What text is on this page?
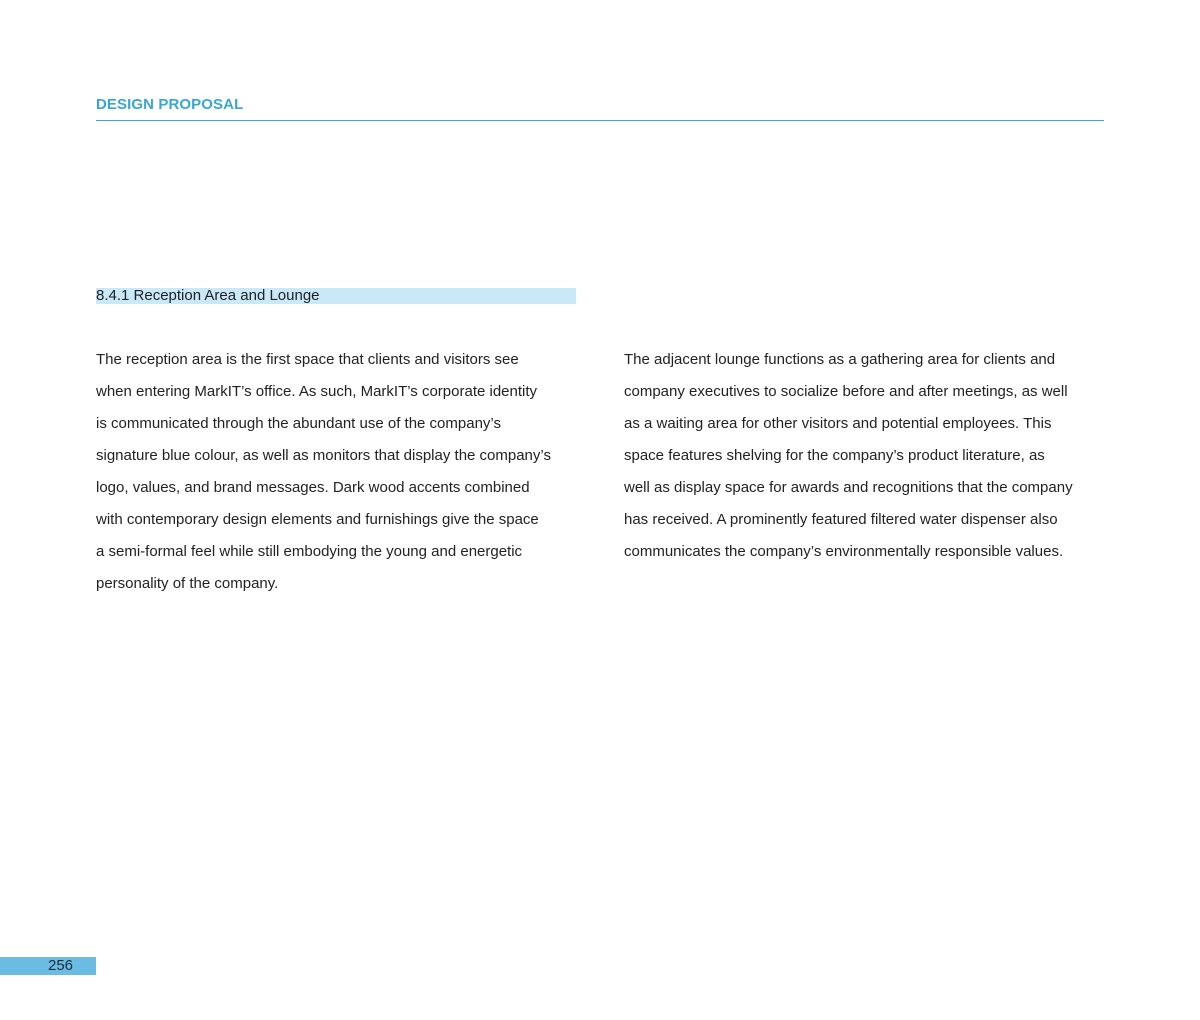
DESIGN PROPOSAL
8.4.1 Reception Area and Lounge
The reception area is the first space that clients and visitors see
when entering MarkIT’s office. As such, MarkIT’s corporate identity
is communicated through the abundant use of the company’s
signature blue colour, as well as monitors that display the company’s
logo, values, and brand messages. Dark wood accents combined
with contemporary design elements and furnishings give the space
a semi-formal feel while still embodying the young and energetic
personality of the company.
The adjacent lounge functions as a gathering area for clients and
company executives to socialize before and after meetings, as well
as a waiting area for other visitors and potential employees. This
space features shelving for the company’s product literature, as
well as display space for awards and recognitions that the company
has received. A prominently featured filtered water dispenser also
communicates the company’s environmentally responsible values.
256
